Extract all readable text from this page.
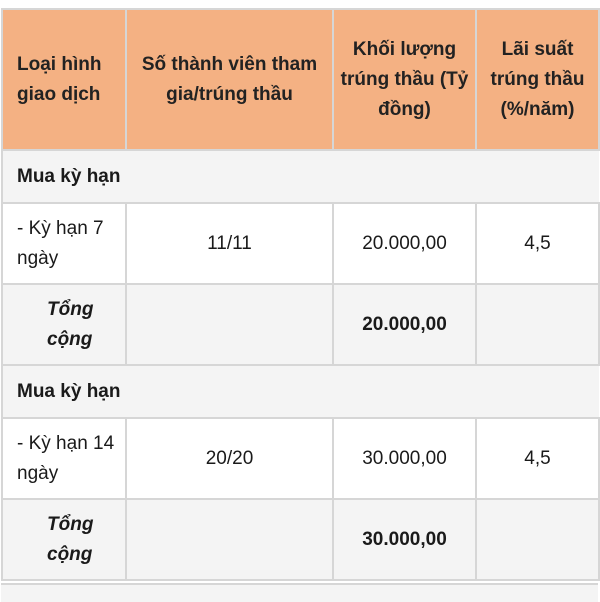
Loại hình giao dịch	Số thành viên tham gia/trúng thầu	Khối lượng trúng thầu (Tỷ đồng)	Lãi suất trúng thầu (%/năm)
Mua kỳ hạn			
- Kỳ hạn 7 ngày	11/11	20.000,00	4,5
Tổng cộng		20.000,00	
Mua kỳ hạn			
- Kỳ hạn 14 ngày	20/20	30.000,00	4,5
Tổng cộng		30.000,00	
